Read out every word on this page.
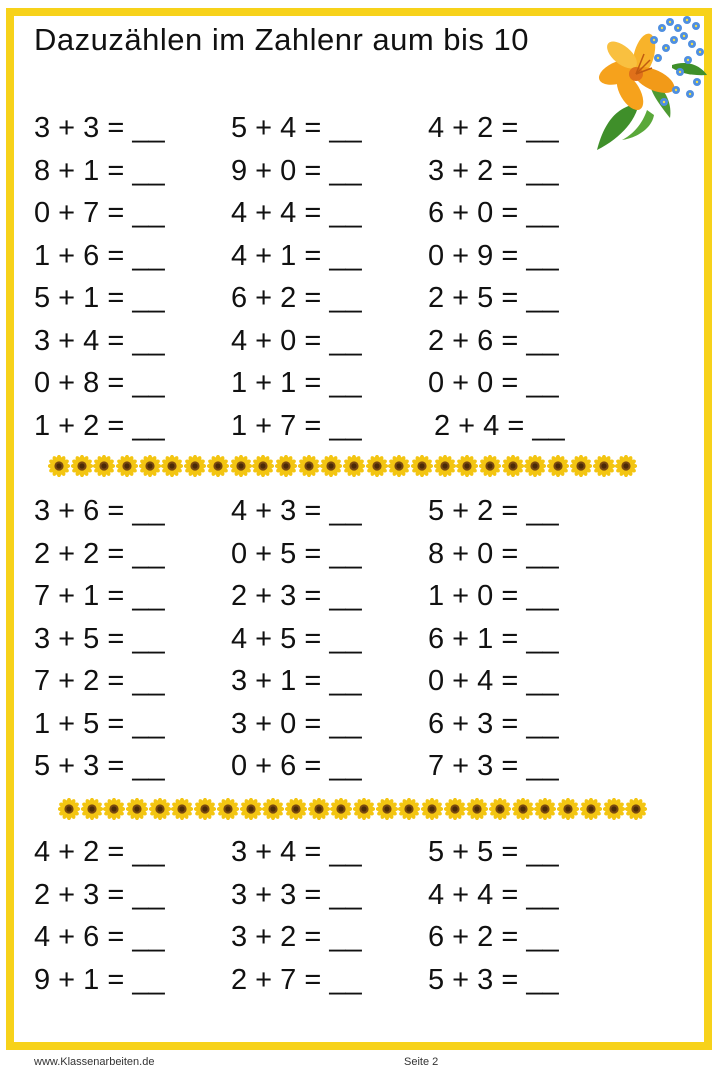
Dazuzählen im Zahlenr aum bis 10
3 + 3 = __ 5 + 4 = __ 4 + 2 = __
8 + 1 = __ 9 + 0 = __ 3 + 2 = __
0 + 7 = __ 4 + 4 = __ 6 + 0 = __
1 + 6 = __ 4 + 1 = __ 0 + 9 = __
5 + 1 = __ 6 + 2 = __ 2 + 5 = __
3 + 4 = __ 4 + 0 = __ 2 + 6 = __
0 + 8 = __ 1 + 1 = __ 0 + 0 = __
1 + 2 = __ 1 + 7 = __ 2 + 4 = __
3 + 6 = __ 4 + 3 = __ 5 + 2 = __
2 + 2 = __ 0 + 5 = __ 8 + 0 = __
7 + 1 = __ 2 + 3 = __ 1 + 0 = __
3 + 5 = __ 4 + 5 = __ 6 + 1 = __
7 + 2 = __ 3 + 1 = __ 0 + 4 = __
1 + 5 = __ 3 + 0 = __ 6 + 3 = __
5 + 3 = __ 0 + 6 = __ 7 + 3 = __
4 + 2 = __ 3 + 4 = __ 5 + 5 = __
2 + 3 = __ 3 + 3 = __ 4 + 4 = __
4 + 6 = __ 3 + 2 = __ 6 + 2 = __
9 + 1 = __ 2 + 7 = __ 5 + 3 = __
www.Klassenarbeiten.de	Seite 2
